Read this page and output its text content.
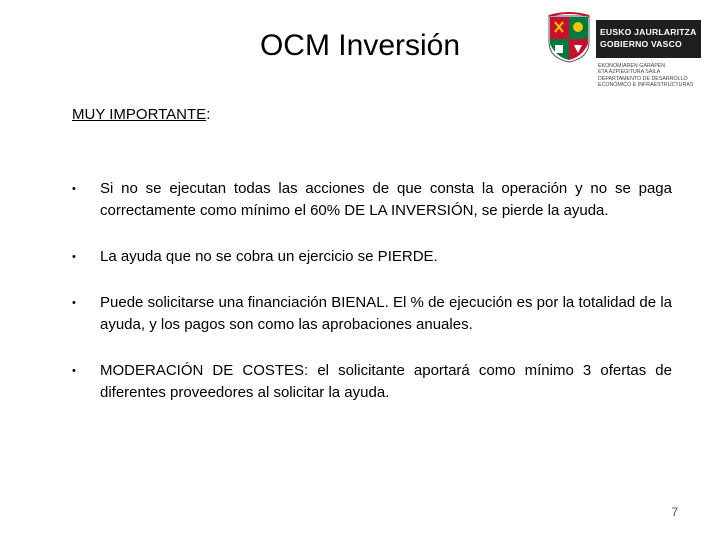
OCM Inversión	EUSKO JAURLARITZA
GOBIERNO VASCO
EKONOMIAREN GARAPEN
ETA AZPIEGITURA SAILA
DEPARTAMENTO DE DESARROLLO
ECONÓMICO E INFRAESTRUCTURAS
MUY IMPORTANTE:
• Si no se ejecutan todas las acciones de que consta la operación y no se paga correctamente como mínimo el 60% DE LA INVERSIÓN, se pierde la ayuda.
• La ayuda que no se cobra un ejercicio se PIERDE.
• Puede solicitarse una financiación BIENAL. El % de ejecución es por la totalidad de la ayuda, y los pagos son como las aprobaciones anuales.
• MODERACIÓN DE COSTES: el solicitante aportará como mínimo 3 ofertas de diferentes proveedores al solicitar la ayuda.
7
